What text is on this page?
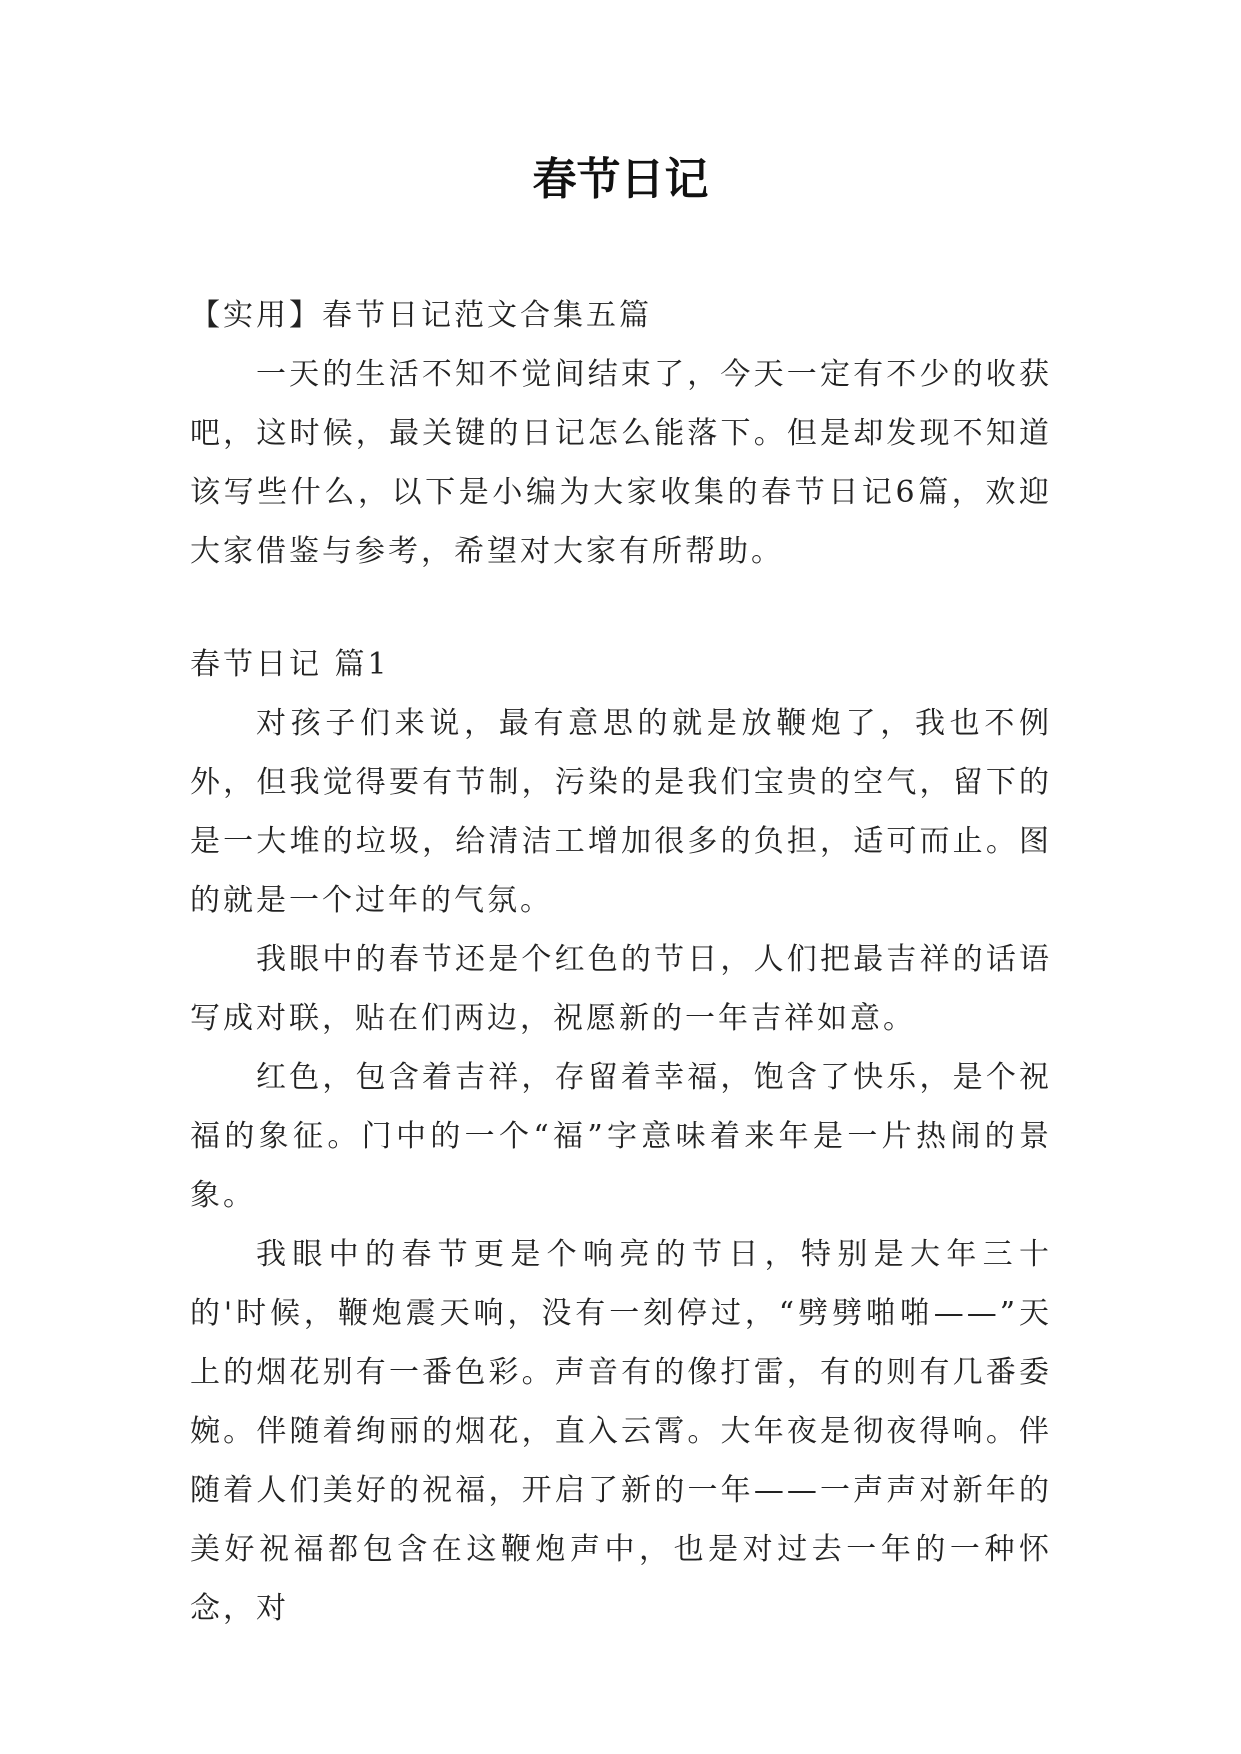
春节日记

【实用】春节日记范文合集五篇

一天的生活不知不觉间结束了，今天一定有不少的收获吧，这时候，最关键的日记怎么能落下。但是却发现不知道该写些什么，以下是小编为大家收集的春节日记6篇，欢迎大家借鉴与参考，希望对大家有所帮助。

春节日记 篇1

对孩子们来说，最有意思的就是放鞭炮了，我也不例外，但我觉得要有节制，污染的是我们宝贵的空气，留下的是一大堆的垃圾，给清洁工增加很多的负担，适可而止。图的就是一个过年的气氛。

我眼中的春节还是个红色的节日，人们把最吉祥的话语写成对联，贴在们两边，祝愿新的一年吉祥如意。

红色，包含着吉祥，存留着幸福，饱含了快乐，是个祝福的象征。门中的一个“福”字意味着来年是一片热闹的景象。

我眼中的春节更是个响亮的节日，特别是大年三十的'时候，鞭炮震天响，没有一刻停过，“劈劈啪啪——”天上的烟花别有一番色彩。声音有的像打雷，有的则有几番委婉。伴随着绚丽的烟花，直入云霄。大年夜是彻夜得响。伴随着人们美好的祝福，开启了新的一年——一声声对新年的美好祝福都包含在这鞭炮声中，也是对过去一年的一种怀念，对
